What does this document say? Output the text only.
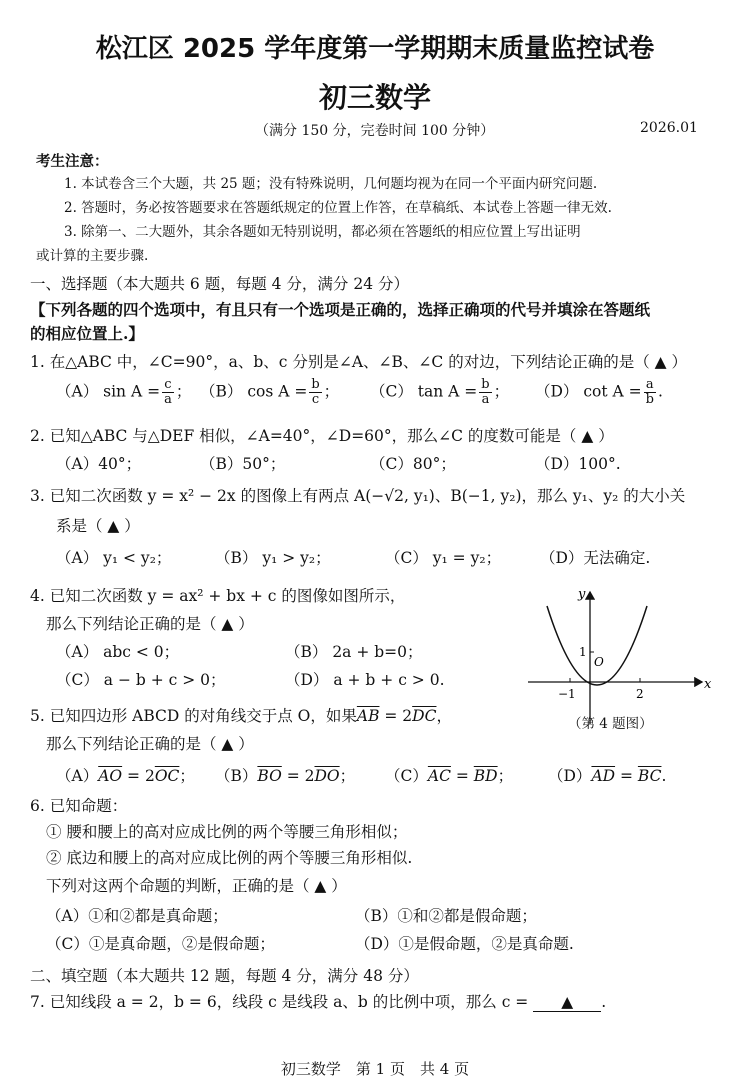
松江区 2025 学年度第一学期期末质量监控试卷
初三数学
（满分 150 分，完卷时间 100 分钟）	2026.01
考生注意：
1. 本试卷含三个大题，共 25 题；没有特殊说明，几何题均视为在同一个平面内研究问题.
2. 答题时，务必按答题要求在答题纸规定的位置上作答，在草稿纸、本试卷上答题一律无效.
3. 除第一、二大题外，其余各题如无特别说明，都必须在答题纸的相应位置上写出证明
或计算的主要步骤.
一、选择题（本大题共 6 题，每题 4 分，满分 24 分）
【下列各题的四个选项中，有且只有一个选项是正确的，选择正确项的代号并填涂在答题纸
的相应位置上.】
1. 在△ABC 中，∠C=90°，a、b、c 分别是∠A、∠B、∠C 的对边，下列结论正确的是（ ▲ ）
（A） $\sin A = \frac{c}{a}$ ； （B） $\cos A = \frac{b}{c}$ ； （C） $\tan A = \frac{b}{a}$ ； （D） $\cot A = \frac{a}{b}$ .
2. 已知△ABC 与△DEF 相似，∠A=40°，∠D=60°，那么∠C 的度数可能是（ ▲ ）
（A）40°；	（B）50°；	（C）80°；	（D）100°.
3. 已知二次函数 y = x² − 2x 的图像上有两点 A(−√2, y₁)、B(−1, y₂)，那么 y₁、y₂ 的大小关
系是（ ▲ ）
（A） y₁ < y₂；	（B） y₁ > y₂；	（C） y₁ = y₂；	（D）无法确定.
4. 已知二次函数 y = ax² + bx + c 的图像如图所示，
那么下列结论正确的是（ ▲ ）
（A） abc < 0；	（B） 2a + b=0；
（C） a − b + c > 0；	（D） a + b + c > 0.
y
x
O
−1	2
1
（第 4 题图）
5. 已知四边形 ABCD 的对角线交于点 O，如果$\overline{AB} = 2\overline{DC}$，
那么下列结论正确的是（ ▲ ）
$(A)\overline{AO} = 2\overline{OC}$； $(B)\overline{BO} = 2\overline{DO}$； $(C)\overline{AC} = \overline{BD}$； $(D)\overline{AD} = \overline{BC}$.
6. 已知命题：
① 腰和腰上的高对应成比例的两个等腰三角形相似；
② 底边和腰上的高对应成比例的两个等腰三角形相似.
下列对这两个命题的判断，正确的是（ ▲ ）
（A）①和②都是真命题；	（B）①和②都是假命题；
（C）①是真命题，②是假命题；	（D）①是假命题，②是真命题.
二、填空题（本大题共 12 题，每题 4 分，满分 48 分）
7. 已知线段 a = 2，b = 6，线段 c 是线段 a、b 的比例中项，那么 c = ▲ .
初三数学　第 1 页　共 4 页
